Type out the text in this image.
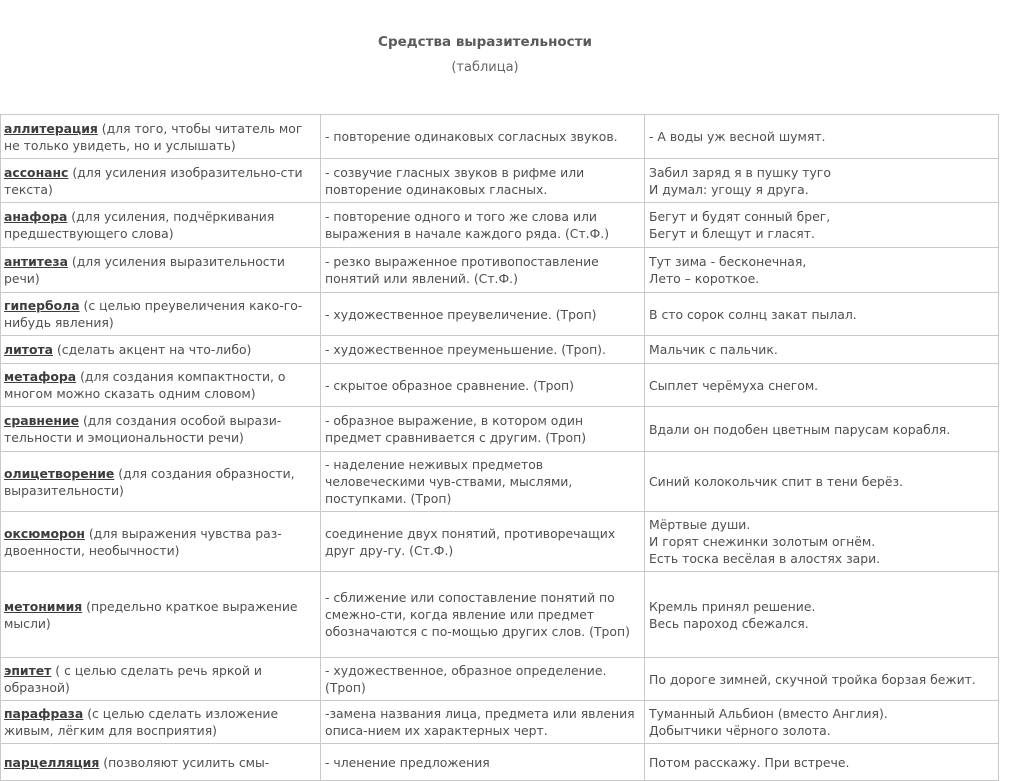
Средства выразительности
(таблица)
аллитерация (для того, чтобы читатель мог не только увидеть, но и услышать)	- повторение одинаковых согласных звуков.	- А воды уж весной шумят.
ассонанс (для усиления изобразительно-сти текста)	- созвучие гласных звуков в рифме или повторение одинаковых гласных.	Забил заряд я в пушку туго
И думал: угощу я друга.
анафора (для усиления, подчёркивания предшествующего слова)	- повторение одного и того же слова или выражения в начале каждого ряда. (Ст.Ф.)	Бегут и будят сонный брег,
Бегут и блещут и гласят.
антитеза (для усиления выразительности речи)	- резко выраженное противопоставление понятий или явлений. (Ст.Ф.)	Тут зима - бесконечная,
Лето – короткое.
гипербола (с целью преувеличения како-го-нибудь явления)	- художественное преувеличение. (Троп)	В сто сорок солнц закат пылал.
литота (сделать акцент на что-либо)	- художественное преуменьшение. (Троп).	Мальчик с пальчик.
метафора (для создания компактности, о многом можно сказать одним словом)	- скрытое образное сравнение. (Троп)	Сыплет черёмуха снегом.
сравнение (для создания особой вырази-тельности и эмоциональности речи)	- образное выражение, в котором один предмет сравнивается с другим. (Троп)	Вдали он подобен цветным парусам корабля.
олицетворение (для создания образности, выразительности)	- наделение неживых предметов человеческими чув-ствами, мыслями, поступками. (Троп)	Синий колокольчик спит в тени берёз.
оксюморон (для выражения чувства раз-двоенности, необычности)	соединение двух понятий, противоречащих друг дру-гу. (Ст.Ф.)	Мёртвые души.
И горят снежинки золотым огнём.
Есть тоска весёлая в алостях зари.
метонимия (предельно краткое выражение мысли)	- сближение или сопоставление понятий по смежно-сти, когда явление или предмет обозначаются с по-мощью других слов. (Троп)	Кремль принял решение.
Весь пароход сбежался.
эпитет ( с целью сделать речь яркой и образной)	- художественное, образное определение. (Троп)	По дороге зимней, скучной тройка борзая бежит.
парафраза (с целью сделать изложение живым, лёгким для восприятия)	-замена названия лица, предмета или явления описа-нием их характерных черт.	Туманный Альбион (вместо Англия).
Добытчики чёрного золота.
парцелляция (позволяют усилить смы-	- членение предложения	Потом расскажу. При встрече.
